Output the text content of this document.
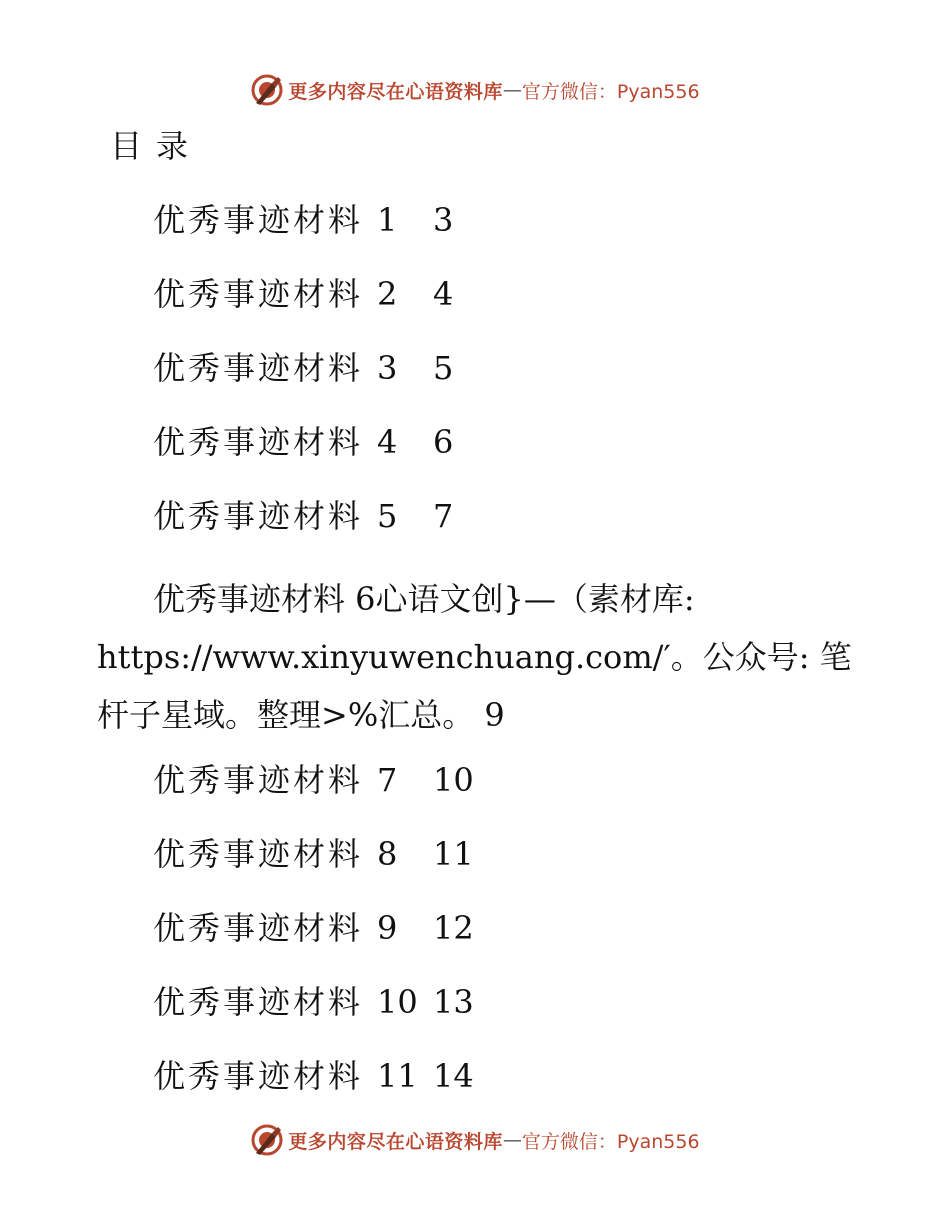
更多内容尽在心语资料库 — 官方微信：Pyan556
目录
优秀事迹材料 1 3
优秀事迹材料 2 4
优秀事迹材料 3 5
优秀事迹材料 4 6
优秀事迹材料 5 7
优秀事迹材料 6心语文创}—（素材库:
https://www.xinyuwenchuang.com/′。公众号: 笔
杆子星域。整理>%汇总。 9
优秀事迹材料 7 10
优秀事迹材料 8 11
优秀事迹材料 9 12
优秀事迹材料 10 13
优秀事迹材料 11 14
更多内容尽在心语资料库 — 官方微信：Pyan556
